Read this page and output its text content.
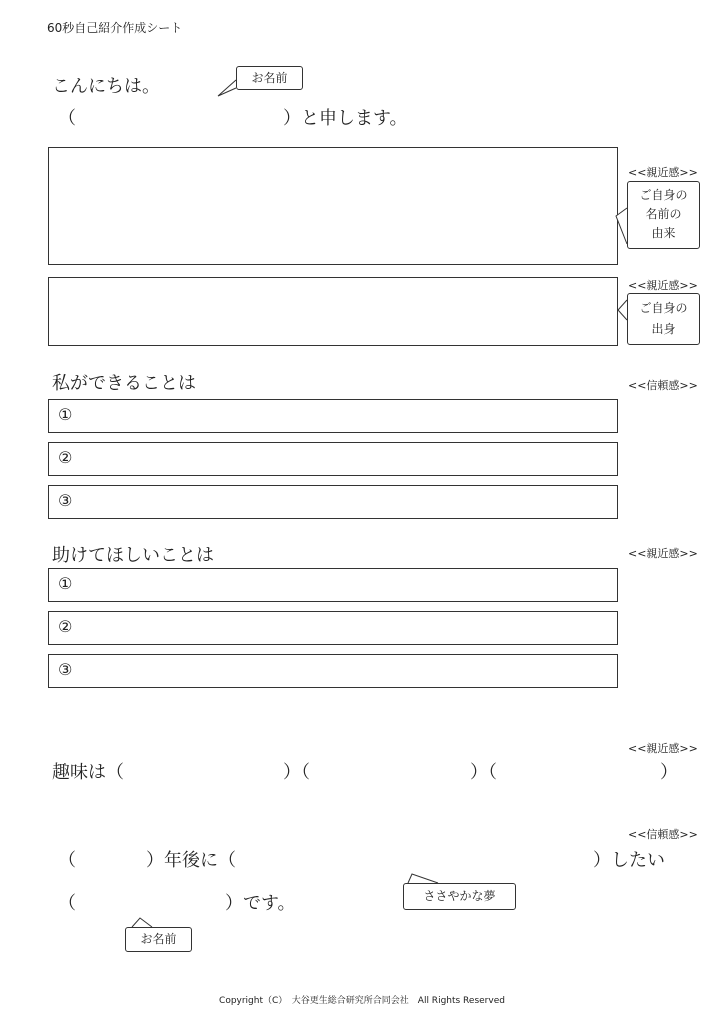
60秒自己紹介作成シート
こんにちは。
（	）と申します。
お名前
<<親近感>>
ご自身の
名前の
由来
<<親近感>>
ご自身の
出身
私ができることは	<<信頼感>>
①
②
③
助けてほしいことは	<<親近感>>
①
②
③
<<親近感>>
趣味は（	）（	）（	）
<<信頼感>>
（	）年後に（	）したい
（	）です。	ささやかな夢
お名前
Copyright（C）　大谷更生総合研究所合同会社　All Rights Reserved
